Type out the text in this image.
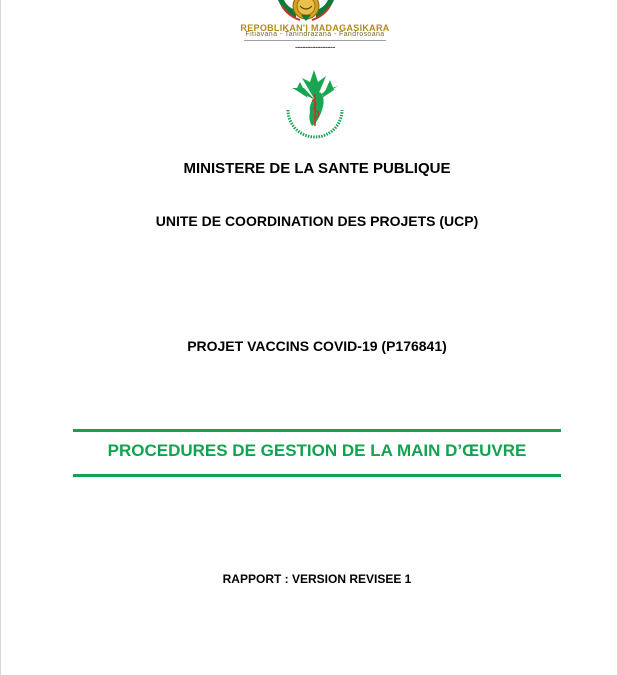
REPOBLIKAN'I MADAGASIKARA
Fitiavana - Tanindrazana - Fandrosoana
----------------
MINISTERE DE LA SANTE PUBLIQUE
UNITE DE COORDINATION DES PROJETS (UCP)
PROJET VACCINS COVID-19 (P176841)
PROCEDURES DE GESTION DE LA MAIN D’ŒUVRE
RAPPORT : VERSION REVISEE 1
